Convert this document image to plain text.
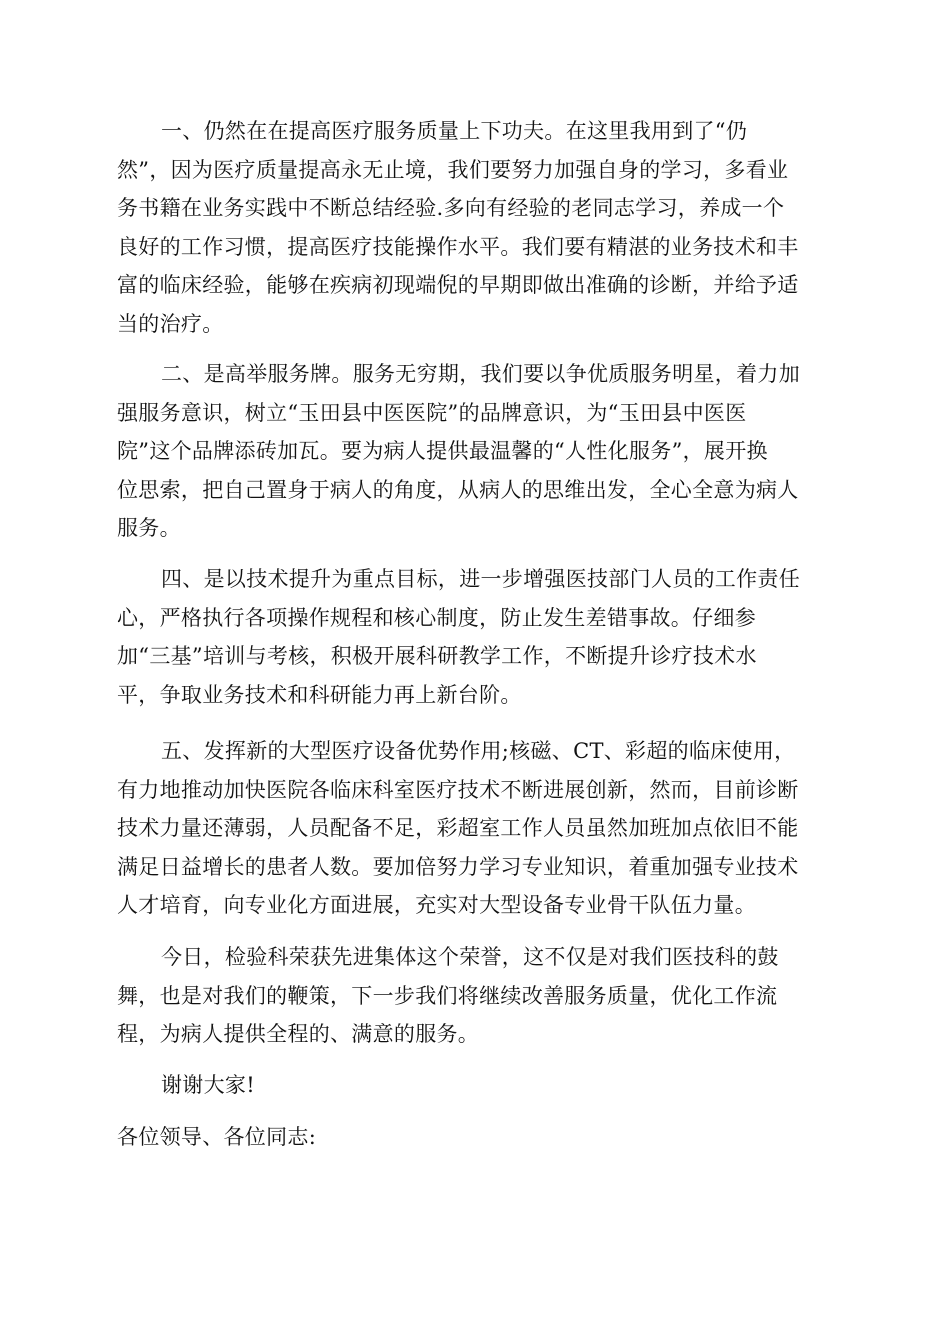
一、仍然在在提高医疗服务质量上下功夫。在这里我用到了“仍
然”，因为医疗质量提高永无止境，我们要努力加强自身的学习，多看业
务书籍在业务实践中不断总结经验.多向有经验的老同志学习，养成一个
良好的工作习惯，提高医疗技能操作水平。我们要有精湛的业务技术和丰
富的临床经验，能够在疾病初现端倪的早期即做出准确的诊断，并给予适
当的治疗。
二、是高举服务牌。服务无穷期，我们要以争优质服务明星，着力加
强服务意识，树立“玉田县中医医院”的品牌意识，为“玉田县中医医
院”这个品牌添砖加瓦。要为病人提供最温馨的“人性化服务”，展开换
位思索，把自己置身于病人的角度，从病人的思维出发，全心全意为病人
服务。
四、是以技术提升为重点目标，进一步增强医技部门人员的工作责任
心，严格执行各项操作规程和核心制度，防止发生差错事故。仔细参
加“三基”培训与考核，积极开展科研教学工作，不断提升诊疗技术水
平，争取业务技术和科研能力再上新台阶。
五、发挥新的大型医疗设备优势作用;核磁、CT、彩超的临床使用，
有力地推动加快医院各临床科室医疗技术不断进展创新，然而，目前诊断
技术力量还薄弱，人员配备不足，彩超室工作人员虽然加班加点依旧不能
满足日益增长的患者人数。要加倍努力学习专业知识，着重加强专业技术
人才培育，向专业化方面进展，充实对大型设备专业骨干队伍力量。
今日，检验科荣获先进集体这个荣誉，这不仅是对我们医技科的鼓
舞，也是对我们的鞭策，下一步我们将继续改善服务质量，优化工作流
程，为病人提供全程的、满意的服务。
谢谢大家!
各位领导、各位同志:
